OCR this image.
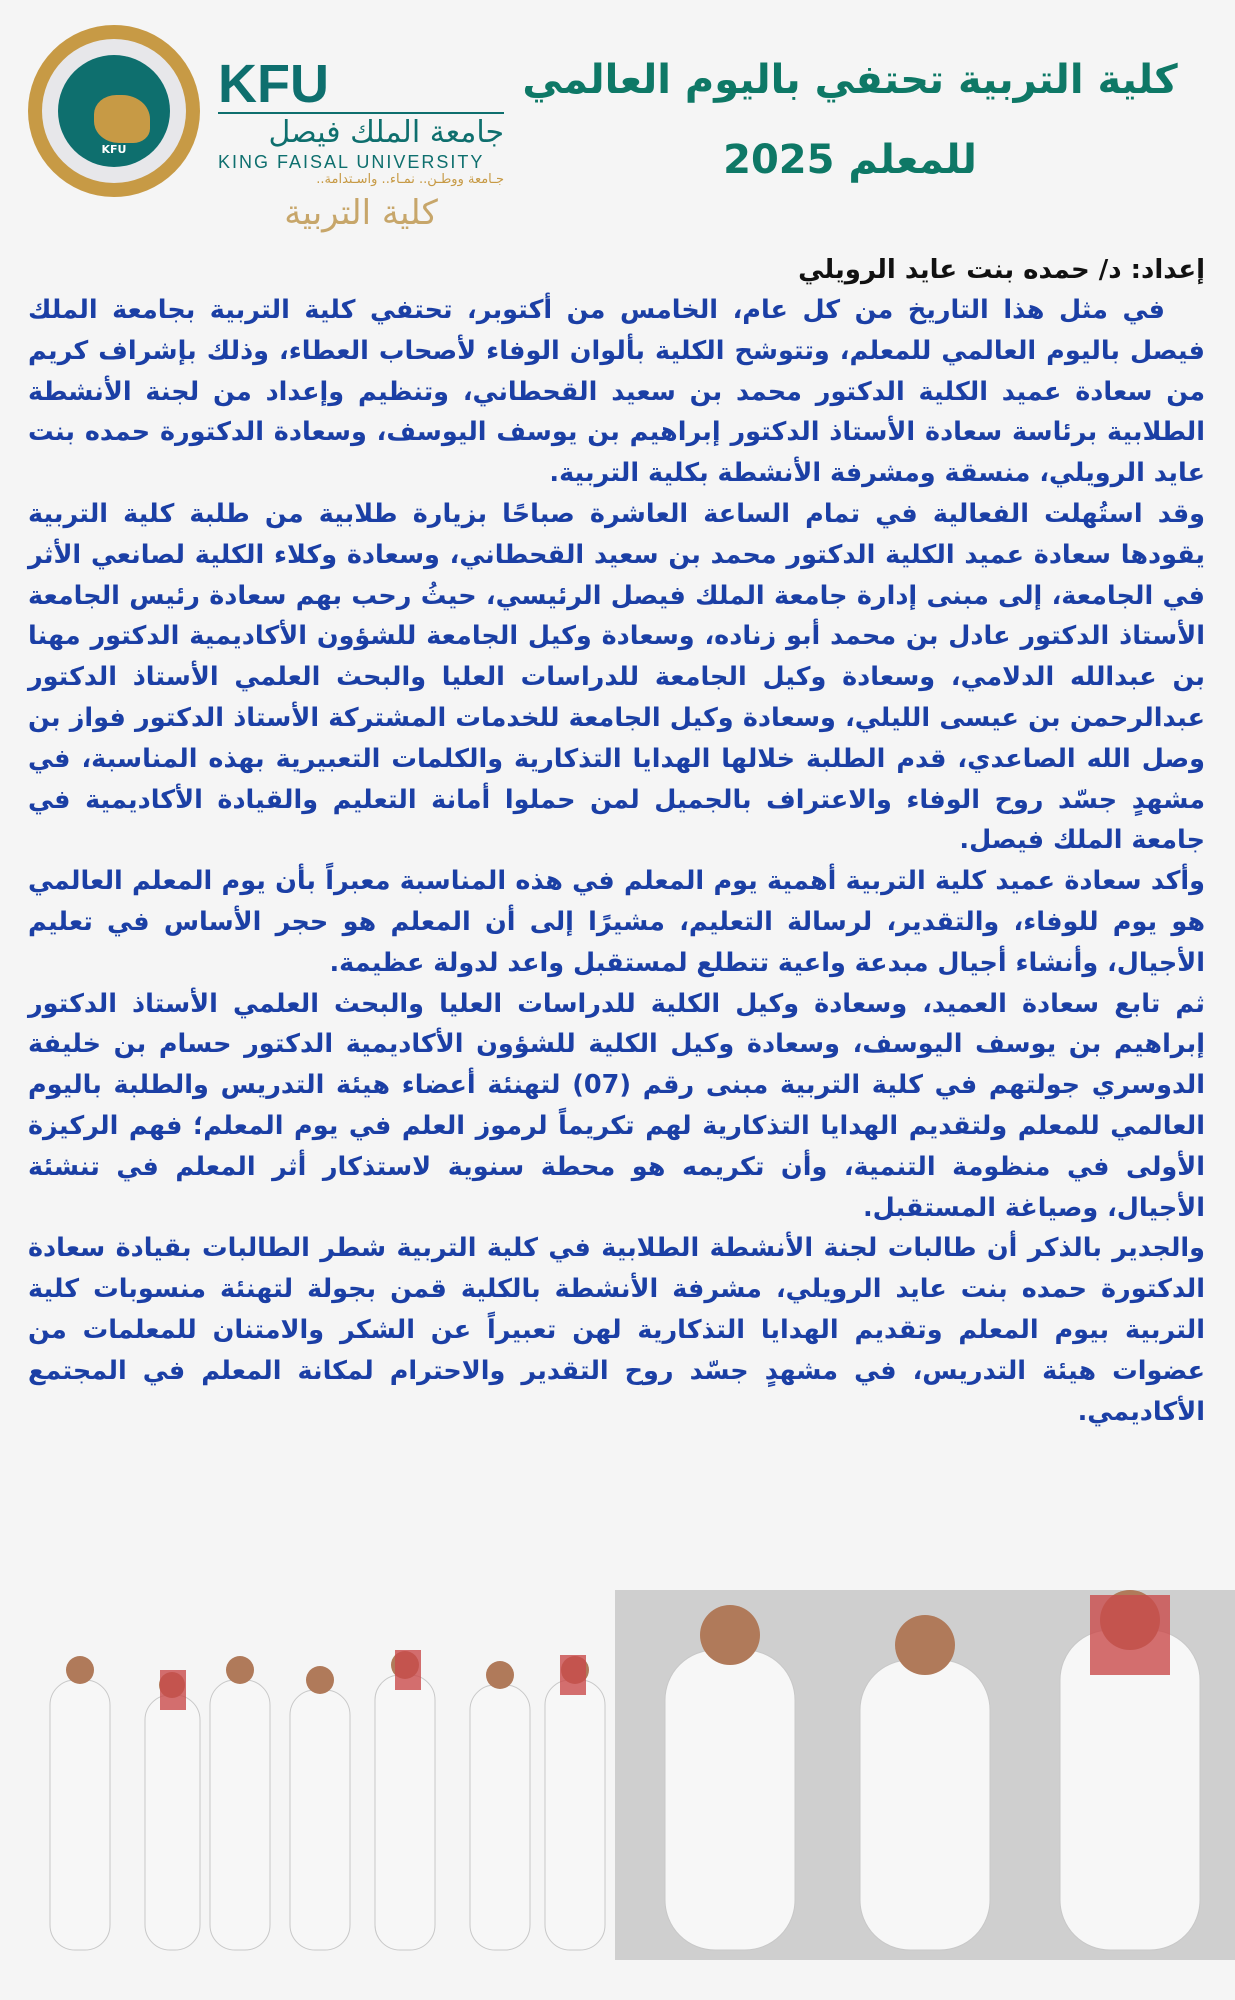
KFU
KFU
جامعة الملك فيصل
KING FAISAL UNIVERSITY
جـامعة ووطـن.. نمـاء.. واسـتدامة..
كلية التربية
كلية التربية تحتفي باليوم العالمي
للمعلم 2025
إعداد: د/ حمده بنت عايد الرويلي

في مثل هذا التاريخ من كل عام، الخامس من أكتوبر، تحتفي كلية التربية بجامعة الملك فيصل باليوم العالمي للمعلم، وتتوشح الكلية بألوان الوفاء لأصحاب العطاء، وذلك بإشراف كريم من سعادة عميد الكلية الدكتور محمد بن سعيد القحطاني، وتنظيم وإعداد من لجنة الأنشطة الطلابية برئاسة سعادة الأستاذ الدكتور إبراهيم بن يوسف اليوسف، وسعادة الدكتورة حمده بنت عايد الرويلي، منسقة ومشرفة الأنشطة بكلية التربية.

وقد استُهلت الفعالية في تمام الساعة العاشرة صباحًا بزيارة طلابية من طلبة كلية التربية يقودها سعادة عميد الكلية الدكتور محمد بن سعيد القحطاني، وسعادة وكلاء الكلية لصانعي الأثر في الجامعة، إلى مبنى إدارة جامعة الملك فيصل الرئيسي، حيثُ رحب بهم سعادة رئيس الجامعة الأستاذ الدكتور عادل بن محمد أبو زناده، وسعادة وكيل الجامعة للشؤون الأكاديمية الدكتور مهنا بن عبدالله الدلامي، وسعادة وكيل الجامعة للدراسات العليا والبحث العلمي الأستاذ الدكتور عبدالرحمن بن عيسى الليلي، وسعادة وكيل الجامعة للخدمات المشتركة الأستاذ الدكتور فواز بن وصل الله الصاعدي، قدم الطلبة خلالها الهدايا التذكارية والكلمات التعبيرية بهذه المناسبة، في مشهدٍ جسّد روح الوفاء والاعتراف بالجميل لمن حملوا أمانة التعليم والقيادة الأكاديمية في جامعة الملك فيصل.

وأكد سعادة عميد كلية التربية أهمية يوم المعلم في هذه المناسبة معبراً بأن يوم المعلم العالمي هو يوم للوفاء، والتقدير، لرسالة التعليم، مشيرًا إلى أن المعلم هو حجر الأساس في تعليم الأجيال، وأنشاء أجيال مبدعة واعية تتطلع لمستقبل واعد لدولة عظيمة.

ثم تابع سعادة العميد، وسعادة وكيل الكلية للدراسات العليا والبحث العلمي الأستاذ الدكتور إبراهيم بن يوسف اليوسف، وسعادة وكيل الكلية للشؤون الأكاديمية الدكتور حسام بن خليفة الدوسري جولتهم في كلية التربية مبنى رقم (07) لتهنئة أعضاء هيئة التدريس والطلبة باليوم العالمي للمعلم ولتقديم الهدايا التذكارية لهم تكريماً لرموز العلم في يوم المعلم؛ فهم الركيزة الأولى في منظومة التنمية، وأن تكريمه هو محطة سنوية لاستذكار أثر المعلم في تنشئة الأجيال، وصياغة المستقبل.

والجدير بالذكر أن طالبات لجنة الأنشطة الطلابية في كلية التربية شطر الطالبات بقيادة سعادة الدكتورة حمده بنت عايد الرويلي، مشرفة الأنشطة بالكلية قمن بجولة لتهنئة منسوبات كلية التربية بيوم المعلم وتقديم الهدايا التذكارية لهن تعبيراً عن الشكر والامتنان للمعلمات من عضوات هيئة التدريس، في مشهدٍ جسّد روح التقدير والاحترام لمكانة المعلم في المجتمع الأكاديمي.
